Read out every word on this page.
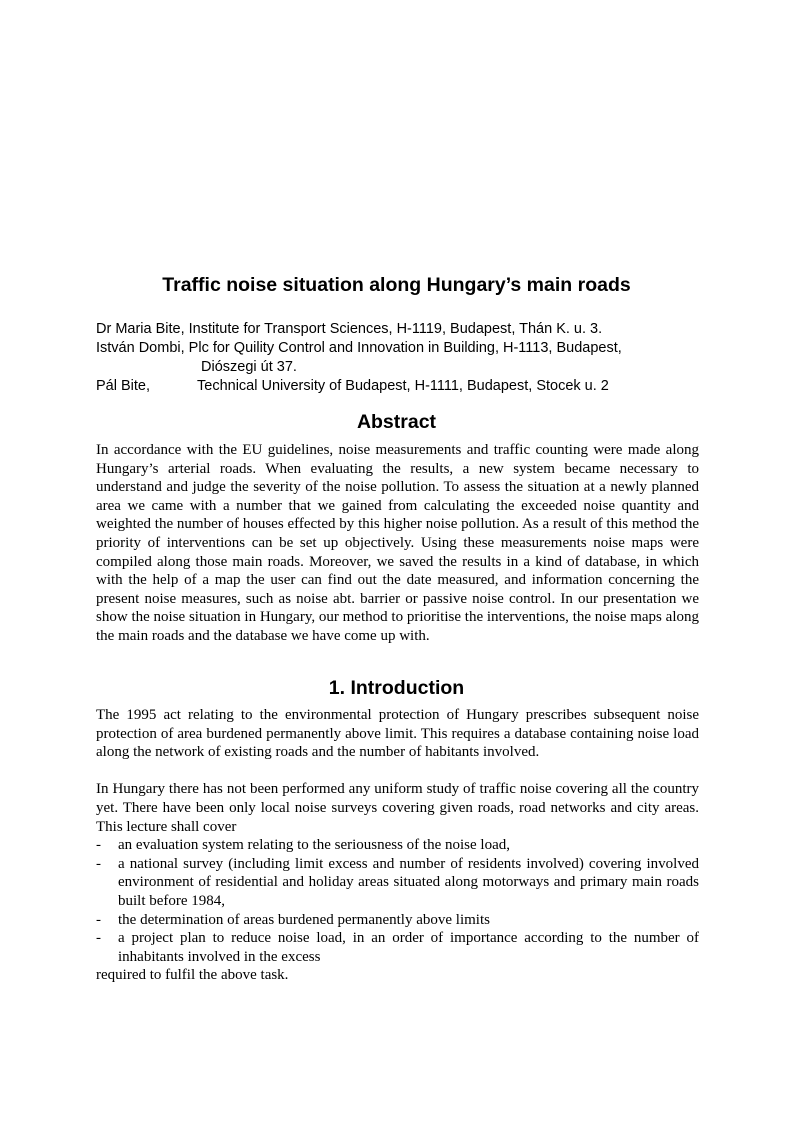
Traffic noise situation along Hungary’s main roads
Dr Maria Bite, Institute for Transport Sciences, H-1119, Budapest, Thán K. u. 3.
István Dombi, Plc for Quility Control and Innovation in Building, H-1113, Budapest,
Diószegi út 37.
Pál Bite,	Technical University of Budapest, H-1111, Budapest, Stocek u. 2
Abstract

In accordance with the EU guidelines, noise measurements and traffic counting were made along Hungary’s arterial roads. When evaluating the results, a new system became necessary to understand and judge the severity of the noise pollution. To assess the situation at a newly planned area we came with a number that we gained from calculating the exceeded noise quantity and weighted the number of houses effected by this higher noise pollution. As a result of this method the priority of interventions can be set up objectively. Using these measurements noise maps were compiled along those main roads. Moreover, we saved the results in a kind of database, in which with the help of a map the user can find out the date measured, and information concerning the present noise measures, such as noise abt. barrier or passive noise control. In our presentation we show the noise situation in Hungary, our method to prioritise the interventions, the noise maps along the main roads and the database we have come up with.

1. Introduction

The 1995 act relating to the environmental protection of Hungary prescribes subsequent noise protection of area burdened permanently above limit. This requires a database containing noise load along the network of existing roads and the number of habitants involved.

In Hungary there has not been performed any uniform study of traffic noise covering all the country yet. There have been only local noise surveys covering given roads, road networks and city areas. This lecture shall cover

- an evaluation system relating to the seriousness of the noise load,
- a national survey (including limit excess and number of residents involved) covering involved environment of residential and holiday areas situated along motorways and primary main roads built before 1984,
- the determination of areas burdened permanently above limits
- a project plan to reduce noise load, in an order of importance according to the number of inhabitants involved in the excess

required to fulfil the above task.
